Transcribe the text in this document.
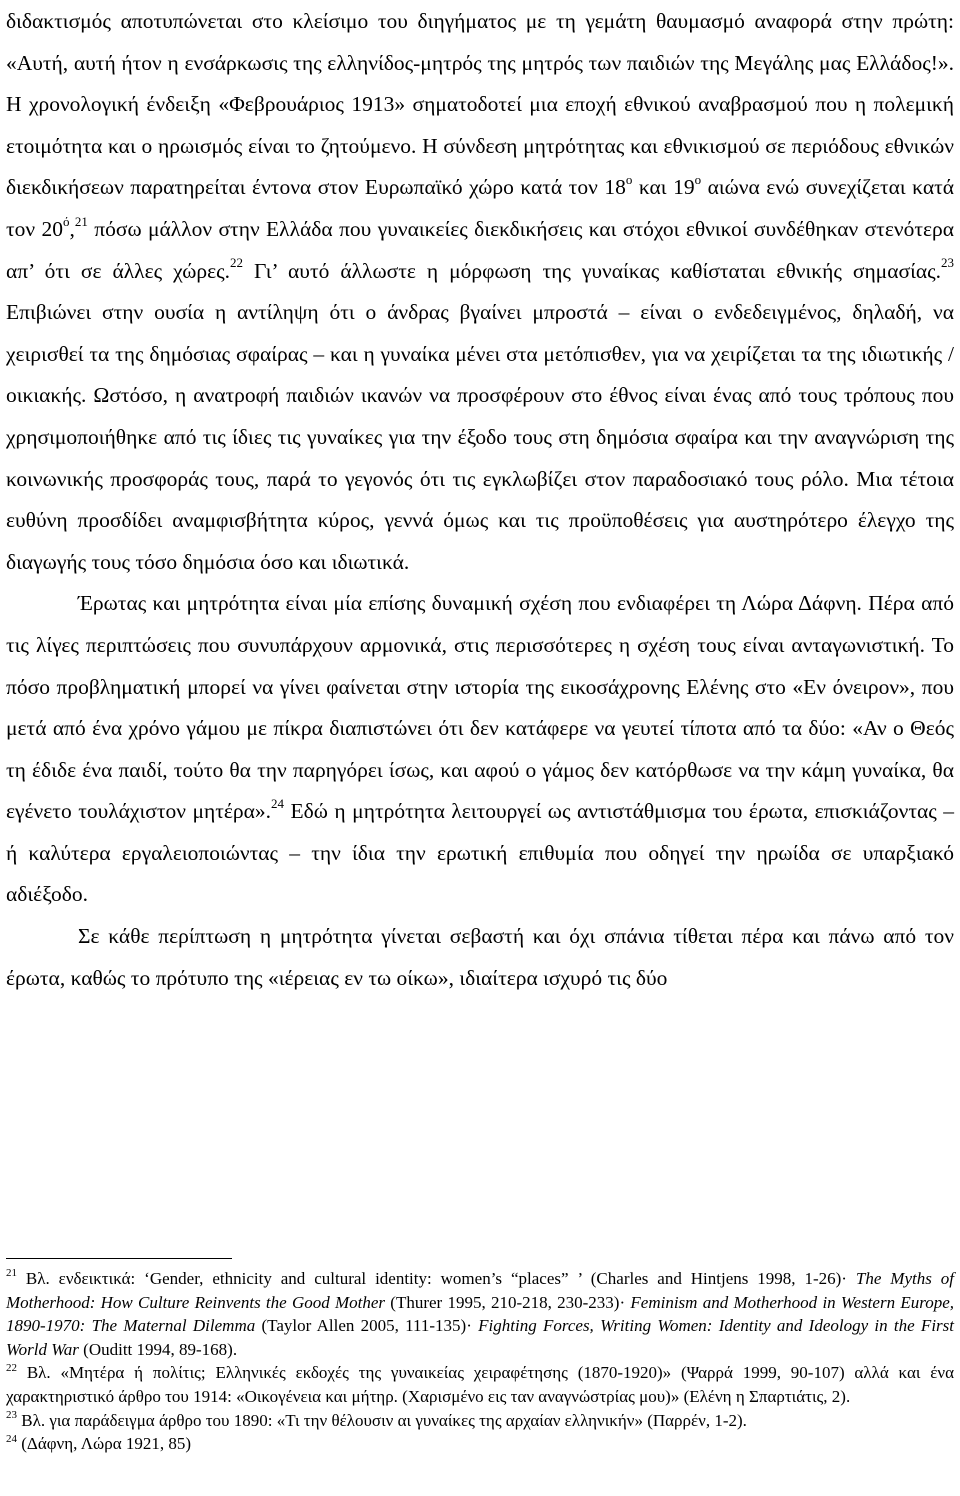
διδακτισμός αποτυπώνεται στο κλείσιμο του διηγήματος με τη γεμάτη θαυμασμό αναφορά στην πρώτη: «Αυτή, αυτή ήτον η ενσάρκωσις της ελληνίδος-μητρός της μητρός των παιδιών της Μεγάλης μας Ελλάδος!». Η χρονολογική ένδειξη «Φεβρουάριος 1913» σηματοδοτεί μια εποχή εθνικού αναβρασμού που η πολεμική ετοιμότητα και ο ηρωισμός είναι το ζητούμενο. Η σύνδεση μητρότητας και εθνικισμού σε περιόδους εθνικών διεκδικήσεων παρατηρείται έντονα στον Ευρωπαϊκό χώρο κατά τον $18^o$ και $19^o$ αιώνα ενώ συνεχίζεται κατά τον $20^ό,^{21}$ πόσω μάλλον στην Ελλάδα που γυναικείες διεκδικήσεις και στόχοι εθνικοί συνδέθηκαν στενότερα απ’ ότι σε άλλες χώρες.$^{22}$ Γι’ αυτό άλλωστε η μόρφωση της γυναίκας καθίσταται εθνικής σημασίας.$^{23}$ Επιβιώνει στην ουσία η αντίληψη ότι ο άνδρας βγαίνει μπροστά – είναι ο ενδεδειγμένος, δηλαδή, να χειρισθεί τα της δημόσιας σφαίρας – και η γυναίκα μένει στα μετόπισθεν, για να χειρίζεται τα της ιδιωτικής / οικιακής. Ωστόσο, η ανατροφή παιδιών ικανών να προσφέρουν στο έθνος είναι ένας από τους τρόπους που χρησιμοποιήθηκε από τις ίδιες τις γυναίκες για την έξοδο τους στη δημόσια σφαίρα και την αναγνώριση της κοινωνικής προσφοράς τους, παρά το γεγονός ότι τις εγκλωβίζει στον παραδοσιακό τους ρόλο. Μια τέτοια ευθύνη προσδίδει αναμφισβήτητα κύρος, γεννά όμως και τις προϋποθέσεις για αυστηρότερο έλεγχο της διαγωγής τους τόσο δημόσια όσο και ιδιωτικά.

Έρωτας και μητρότητα είναι μία επίσης δυναμική σχέση που ενδιαφέρει τη Λώρα Δάφνη. Πέρα από τις λίγες περιπτώσεις που συνυπάρχουν αρμονικά, στις περισσότερες η σχέση τους είναι ανταγωνιστική. Το πόσο προβληματική μπορεί να γίνει φαίνεται στην ιστορία της εικοσάχρονης Ελένης στο «Εν όνειρον», που μετά από ένα χρόνο γάμου με πίκρα διαπιστώνει ότι δεν κατάφερε να γευτεί τίποτα από τα δύο: «Αν ο Θεός τη έδιδε ένα παιδί, τούτο θα την παρηγόρει ίσως, και αφού ο γάμος δεν κατόρθωσε να την κάμη γυναίκα, θα εγένετο τουλάχιστον μητέρα».$^{24}$ Εδώ η μητρότητα λειτουργεί ως αντιστάθμισμα του έρωτα, επισκιάζοντας – ή καλύτερα εργαλειοποιώντας – την ίδια την ερωτική επιθυμία που οδηγεί την ηρωίδα σε υπαρξιακό αδιέξοδο.

Σε κάθε περίπτωση η μητρότητα γίνεται σεβαστή και όχι σπάνια τίθεται πέρα και πάνω από τον έρωτα, καθώς το πρότυπο της «ιέρειας εν τω οίκω», ιδιαίτερα ισχυρό τις δύο

$^{21}$ Βλ. ενδεικτικά: ‘Gender, ethnicity and cultural identity: women’s “places” ’ (Charles and Hintjens 1998, 1-26)· The Myths of Motherhood: How Culture Reinvents the Good Mother (Thurer 1995, 210-218, 230-233)· Feminism and Motherhood in Western Europe, 1890-1970: The Maternal Dilemma (Taylor Allen 2005, 111-135)· Fighting Forces, Writing Women: Identity and Ideology in the First World War (Ouditt 1994, 89-168).

$^{22}$ Βλ. «Μητέρα ή πολίτις; Ελληνικές εκδοχές της γυναικείας χειραφέτησης (1870-1920)» (Ψαρρά 1999, 90-107) αλλά και ένα χαρακτηριστικό άρθρο του 1914: «Οικογένεια και μήτηρ. (Χαρισμένο εις ταν αναγνώστρίας μου)» (Ελένη η Σπαρτιάτις, 2).

$^{23}$ Βλ. για παράδειγμα άρθρο του 1890: «Τι την θέλουσιν αι γυναίκες της αρχαίαν ελληνικήν» (Παρρέν, 1-2).

$^{24}$ (Δάφνη, Λώρα 1921, 85)
